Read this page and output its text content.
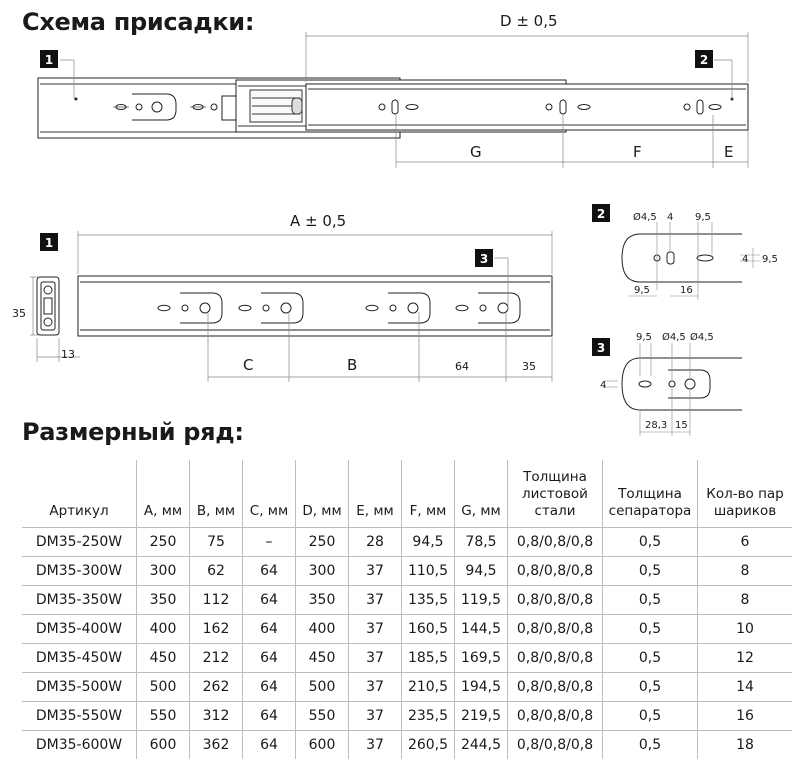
Схема присадки:	D ± 0,5
G	F	E
1	2
35
13
A ± 0,5
C	B	64	35
1
3
2	Ø4,5 4 9,5
9,5	16
4 9,5
3
9,5 Ø4,5 Ø4,5
4
28,3 15
Размерный ряд:
Артикул	A, мм	B, мм	C, мм	D, мм	E, мм	F, мм	G, мм	Толщина листовой стали	Толщина сепаратора	Кол-во пар шариков
DM35-250W	250	75	–	250	28	94,5	78,5	0,8/0,8/0,8	0,5	6
DM35-300W	300	62	64	300	37	110,5	94,5	0,8/0,8/0,8	0,5	8
DM35-350W	350	112	64	350	37	135,5	119,5	0,8/0,8/0,8	0,5	8
DM35-400W	400	162	64	400	37	160,5	144,5	0,8/0,8/0,8	0,5	10
DM35-450W	450	212	64	450	37	185,5	169,5	0,8/0,8/0,8	0,5	12
DM35-500W	500	262	64	500	37	210,5	194,5	0,8/0,8/0,8	0,5	14
DM35-550W	550	312	64	550	37	235,5	219,5	0,8/0,8/0,8	0,5	16
DM35-600W	600	362	64	600	37	260,5	244,5	0,8/0,8/0,8	0,5	18
